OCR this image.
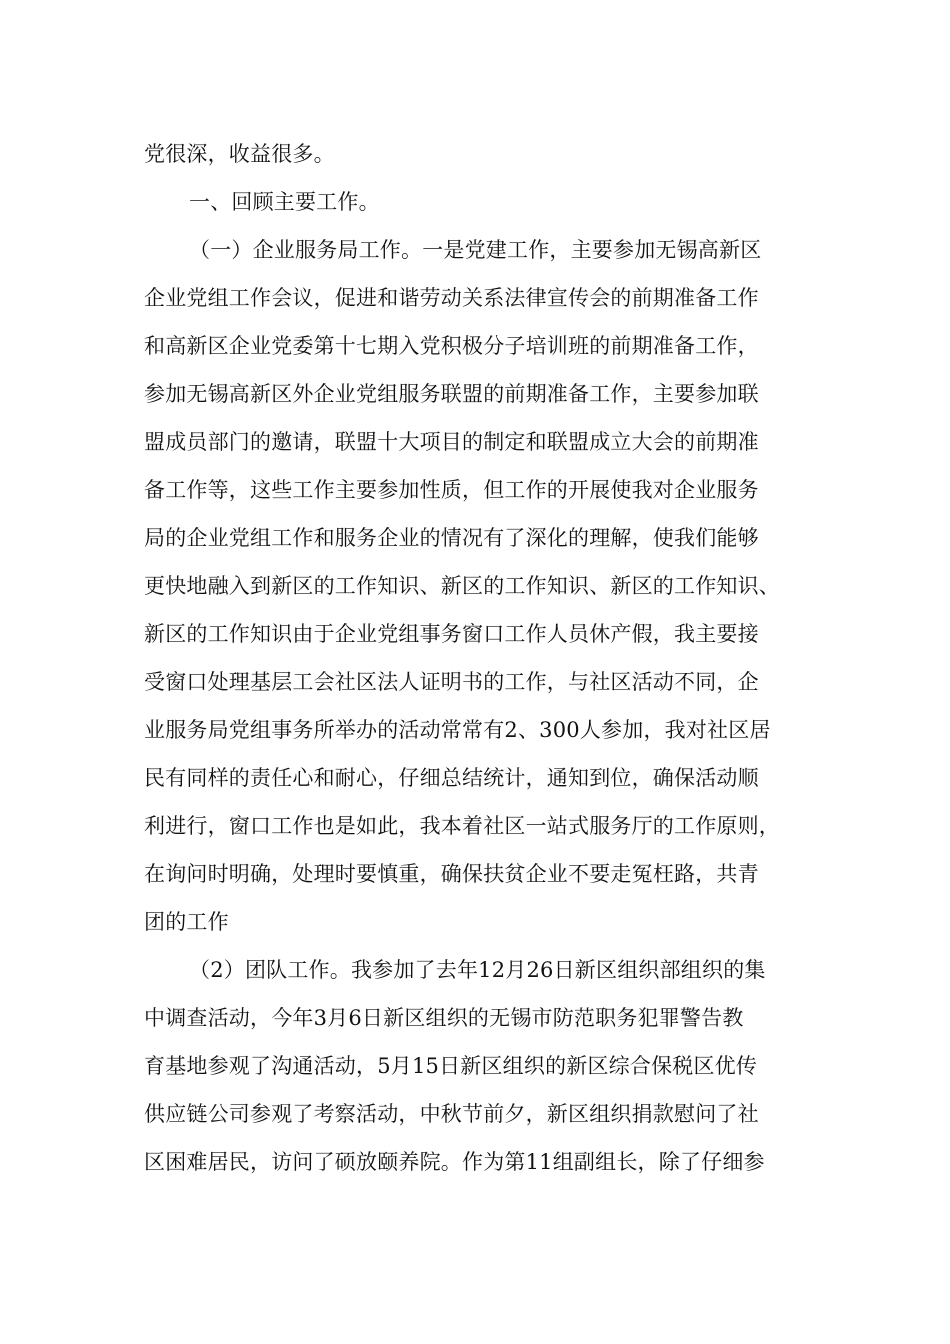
党很深，收益很多。
一、回顾主要工作。
（一）企业服务局工作。一是党建工作，主要参加无锡高新区
企业党组工作会议，促进和谐劳动关系法律宣传会的前期准备工作
和高新区企业党委第十七期入党积极分子培训班的前期准备工作，
参加无锡高新区外企业党组服务联盟的前期准备工作，主要参加联
盟成员部门的邀请，联盟十大项目的制定和联盟成立大会的前期准
备工作等，这些工作主要参加性质，但工作的开展使我对企业服务
局的企业党组工作和服务企业的情况有了深化的理解，使我们能够
更快地融入到新区的工作知识、新区的工作知识、新区的工作知识、
新区的工作知识由于企业党组事务窗口工作人员休产假，我主要接
受窗口处理基层工会社区法人证明书的工作，与社区活动不同，企
业服务局党组事务所举办的活动常常有2、300人参加，我对社区居
民有同样的责任心和耐心，仔细总结统计，通知到位，确保活动顺
利进行，窗口工作也是如此，我本着社区一站式服务厅的工作原则，
在询问时明确，处理时要慎重，确保扶贫企业不要走冤枉路，共青
团的工作
（2）团队工作。我参加了去年12月26日新区组织部组织的集
中调查活动，今年3月6日新区组织的无锡市防范职务犯罪警告教
育基地参观了沟通活动，5月15日新区组织的新区综合保税区优传
供应链公司参观了考察活动，中秋节前夕，新区组织捐款慰问了社
区困难居民，访问了硕放颐养院。作为第11组副组长，除了仔细参
